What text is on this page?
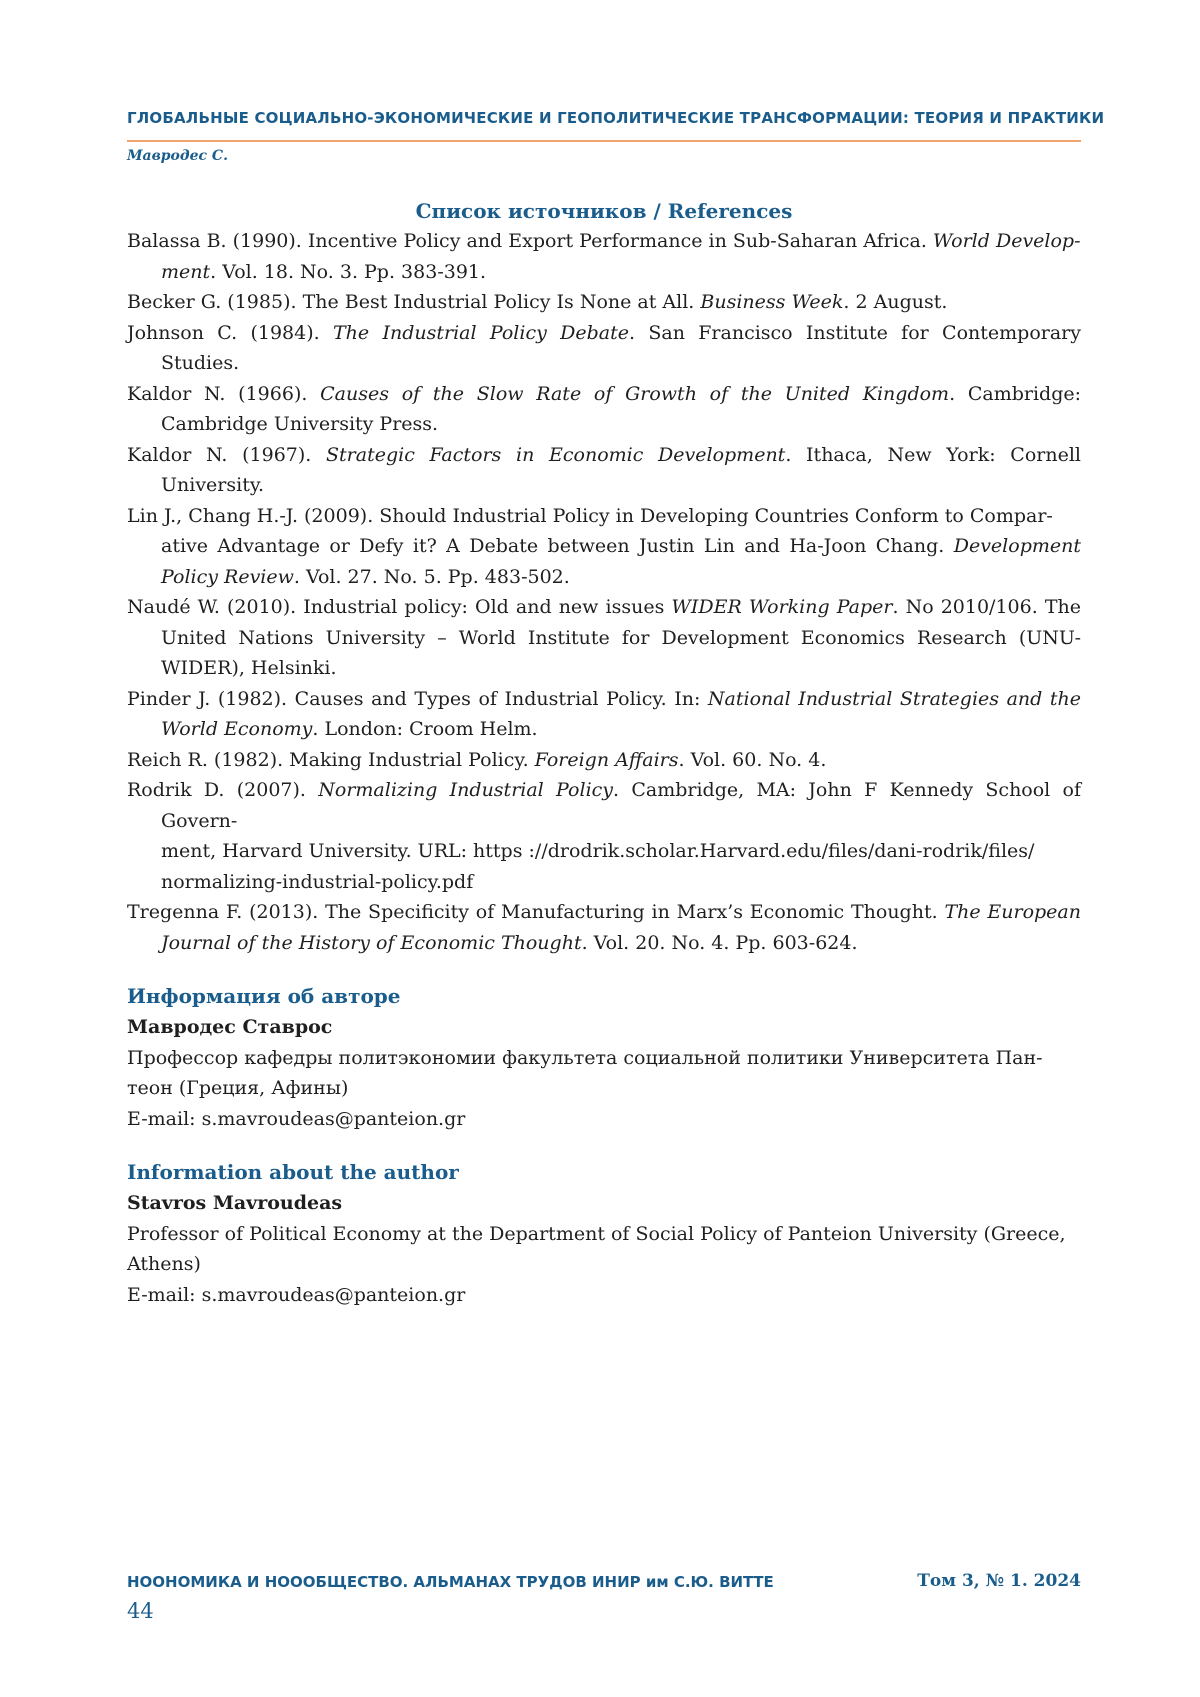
ГЛОБАЛЬНЫЕ СОЦИАЛЬНО-ЭКОНОМИЧЕСКИЕ И ГЕОПОЛИТИЧЕСКИЕ ТРАНСФОРМАЦИИ: ТЕОРИЯ И ПРАКТИКИ
Мавродес С.
Список источников / References

Balassa B. (1990). Incentive Policy and Export Performance in Sub-Saharan Africa. World Develop-
ment. Vol. 18. No. 3. Pp. 383-391.

Becker G. (1985). The Best Industrial Policy Is None at All. Business Week. 2 August.

Johnson C. (1984). The Industrial Policy Debate. San Francisco Institute for Contemporary Studies.

Kaldor N. (1966). Causes of the Slow Rate of Growth of the United Kingdom. Cambridge: Cambridge University Press.

Kaldor N. (1967). Strategic Factors in Economic Development. Ithaca, New York: Cornell University.

Lin J., Chang H.-J. (2009). Should Industrial Policy in Developing Countries Conform to Compar-
ative Advantage or Defy it? A Debate between Justin Lin and Ha-Joon Chang. Development Policy Review. Vol. 27. No. 5. Pp. 483-502.

Naudé W. (2010). Industrial policy: Old and new issues WIDER Working Paper. No 2010/106. The United Nations University – World Institute for Development Economics Research (UNU-WIDER), Helsinki.

Pinder J. (1982). Causes and Types of Industrial Policy. In: National Industrial Strategies and the World Economy. London: Croom Helm.

Reich R. (1982). Making Industrial Policy. Foreign Affairs. Vol. 60. No. 4.

Rodrik D. (2007). Normalizing Industrial Policy. Cambridge, MA: John F Kennedy School of Govern-
ment, Harvard University. URL: https ://drodrik.scholar.Harvard.edu/files/dani-rodrik/files/
normalizing-industrial-policy.pdf

Tregenna F. (2013). The Specificity of Manufacturing in Marx’s Economic Thought. The European Journal of the History of Economic Thought. Vol. 20. No. 4. Pp. 603-624.

Информация об авторе
Мавродес Ставрос

Профессор кафедры политэкономии факультета социальной политики Университета Пан-
теон (Греция, Афины)

E-mail: s.mavroudeas@panteion.gr

Information about the author
Stavros Mavroudeas

Professor of Political Economy at the Department of Social Policy of Panteion University (Greece, Athens)

E-mail: s.mavroudeas@panteion.gr

НООНОМИКА И НОООБЩЕСТВО. АЛЬМАНАХ ТРУДОВ ИНИР им С.Ю. ВИТТЕ	Том 3, № 1. 2024
44
